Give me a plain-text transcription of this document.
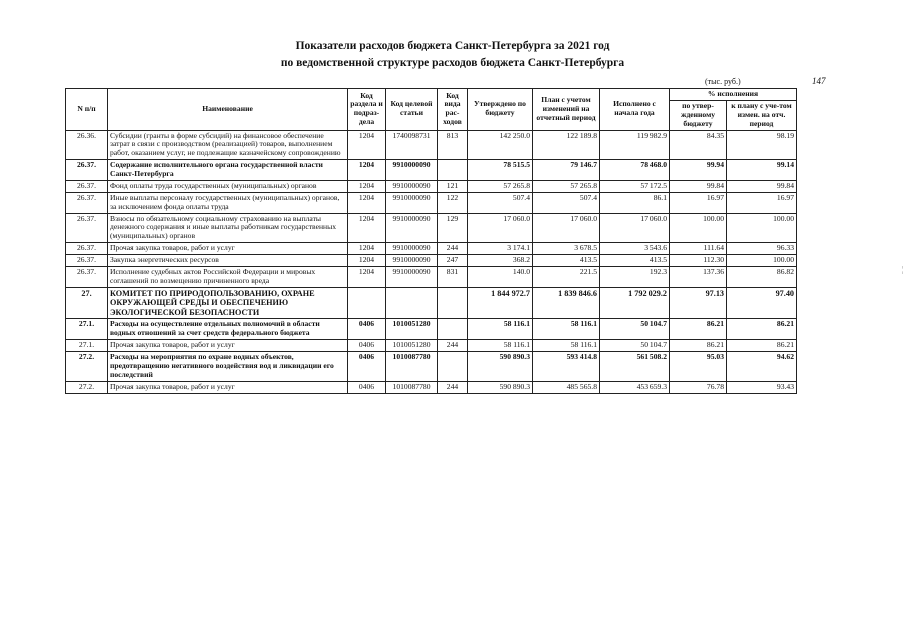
Показатели расходов бюджета Санкт-Петербурга за 2021 год
по ведомственной структуре расходов бюджета Санкт-Петербурга
(тыс. руб.)	147
¦
N п/п	Наименование	Код раздела и подраз-дела	Код целевой статьи	Код вида рас-ходов	Утверждено по бюджету	План с учетом изменений на отчетный период	Исполнено с начала года	% исполнения	
								по утвер-жденному бюджету	к плану с уче-том измен. на отч. период
26.36.	Субсидии (гранты в форме субсидий) на финансовое обеспечение затрат в связи с производством (реализацией) товаров, выполнением работ, оказанием услуг, не подлежащие казначейскому сопровождению	1204	1740098731	813	142 250.0	122 189.8	119 982.9	84.35	98.19
26.37.	Содержание исполнительного органа государственной власти Санкт-Петербурга	1204	9910000090		78 515.5	79 146.7	78 468.0	99.94	99.14
26.37.	Фонд оплаты труда государственных (муниципальных) органов	1204	9910000090	121	57 265.8	57 265.8	57 172.5	99.84	99.84
26.37.	Иные выплаты персоналу государственных (муниципальных) органов, за исключением фонда оплаты труда	1204	9910000090	122	507.4	507.4	86.1	16.97	16.97
26.37.	Взносы по обязательному социальному страхованию на выплаты денежного содержания и иные выплаты работникам государственных (муниципальных) органов	1204	9910000090	129	17 060.0	17 060.0	17 060.0	100.00	100.00
26.37.	Прочая закупка товаров, работ и услуг	1204	9910000090	244	3 174.1	3 678.5	3 543.6	111.64	96.33
26.37.	Закупка энергетических ресурсов	1204	9910000090	247	368.2	413.5	413.5	112.30	100.00
26.37.	Исполнение судебных актов Российской Федерации и мировых соглашений по возмещению причиненного вреда	1204	9910000090	831	140.0	221.5	192.3	137.36	86.82
27.	КОМИТЕТ ПО ПРИРОДОПОЛЬЗОВАНИЮ, ОХРАНЕ ОКРУЖАЮЩЕЙ СРЕДЫ И ОБЕСПЕЧЕНИЮ ЭКОЛОГИЧЕСКОЙ БЕЗОПАСНОСТИ				1 844 972.7	1 839 846.6	1 792 029.2	97.13	97.40
27.1.	Расходы на осуществление отдельных полномочий в области водных отношений за счет средств федерального бюджета	0406	1010051280		58 116.1	58 116.1	50 104.7	86.21	86.21
27.1.	Прочая закупка товаров, работ и услуг	0406	1010051280	244	58 116.1	58 116.1	50 104.7	86.21	86.21
27.2.	Расходы на мероприятия по охране водных объектов, предотвращению негативного воздействия вод и ликвидации его последствий	0406	1010087780		590 890.3	593 414.8	561 508.2	95.03	94.62
27.2.	Прочая закупка товаров, работ и услуг	0406	1010087780	244	590 890.3	485 565.8	453 659.3	76.78	93.43
